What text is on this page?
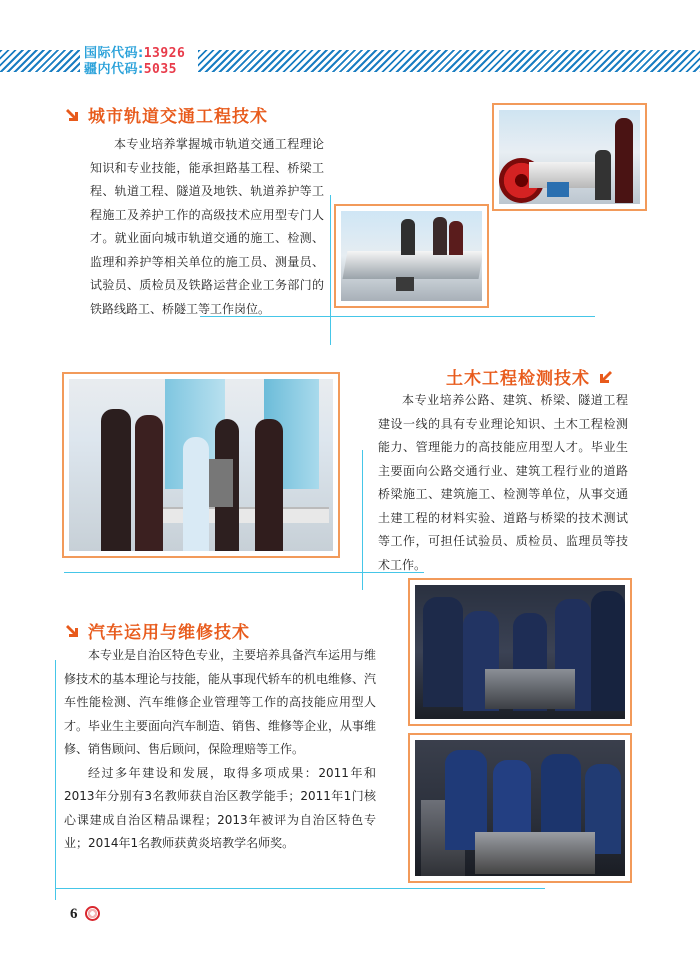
国际代码:13926
疆内代码:5035
城市轨道交通工程技术

本专业培养掌握城市轨道交通工程理论知识和专业技能，能承担路基工程、桥梁工程、轨道工程、隧道及地铁、轨道养护等工程施工及养护工作的高级技术应用型专门人才。就业面向城市轨道交通的施工、检测、监理和养护等相关单位的施工员、测量员、试验员、质检员及铁路运营企业工务部门的铁路线路工、桥隧工等工作岗位。

土木工程检测技术

本专业培养公路、建筑、桥梁、隧道工程建设一线的具有专业理论知识、土木工程检测能力、管理能力的高技能应用型人才。毕业生主要面向公路交通行业、建筑工程行业的道路桥梁施工、建筑施工、检测等单位，从事交通土建工程的材料实验、道路与桥梁的技术测试等工作，可担任试验员、质检员、监理员等技术工作。

汽车运用与维修技术

本专业是自治区特色专业，主要培养具备汽车运用与维修技术的基本理论与技能，能从事现代轿车的机电维修、汽车性能检测、汽车维修企业管理等工作的高技能应用型人才。毕业生主要面向汽车制造、销售、维修等企业，从事维修、销售顾问、售后顾问，保险理赔等工作。

经过多年建设和发展，取得多项成果：2011年和2013年分别有3名教师获自治区教学能手；2011年1门核心课建成自治区精品课程；2013年被评为自治区特色专业；2014年1名教师获黄炎培教学名师奖。

6
